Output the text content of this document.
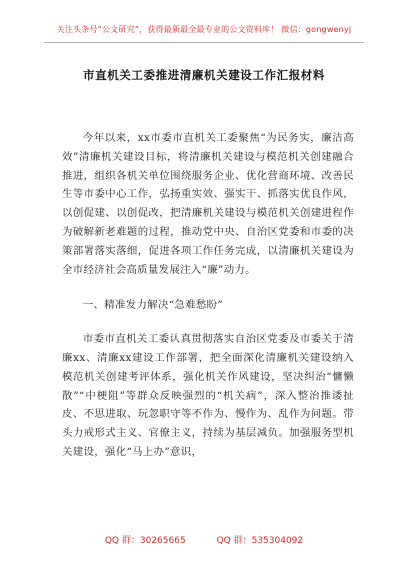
关注头条号“公文研究”，获得最新最全最专业的公文资料库！ 微信：gongwenyj
市直机关工委推进清廉机关建设工作汇报材料

今年以来，xx市委市直机关工委聚焦“为民务实，廉洁高效”清廉机关建设目标，将清廉机关建设与模范机关创建融合推进，组织各机关单位围绕服务企业、优化营商环境、改善民生等市委中心工作，弘扬重实效、强实干、抓落实优良作风，以创促建、以创促改，把清廉机关建设与模范机关创建进程作为破解新老难题的过程，推动党中央、自治区党委和市委的决策部署落实落细，促进各项工作任务完成，以清廉机关建设为全市经济社会高质量发展注入“廉”动力。

一、精准发力解决“急难愁盼”

市委市直机关工委认真贯彻落实自治区党委及市委关于清廉xx、清廉xx建设工作部署，把全面深化清廉机关建设纳入模范机关创建考评体系，强化机关作风建设，坚决纠治“慵懒散”“中梗阻”等群众反映强烈的“机关病”，深入整治推诿扯皮、不思进取、玩忽职守等不作为、慢作为、乱作为问题。带头力戒形式主义、官僚主义，持续为基层减负。加强服务型机关建设，强化“马上办”意识，

QQ 群：30265665	QQ 群：535304092
